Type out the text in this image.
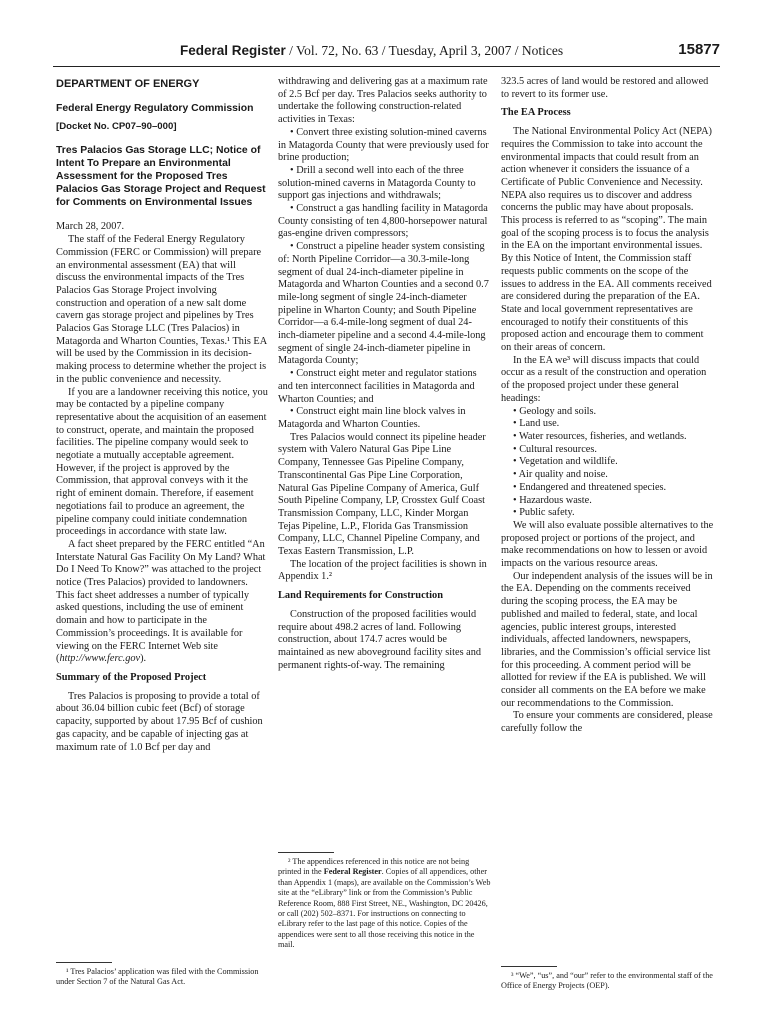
Federal Register / Vol. 72, No. 63 / Tuesday, April 3, 2007 / Notices	15877
DEPARTMENT OF ENERGY
Federal Energy Regulatory Commission
[Docket No. CP07–90–000]
Tres Palacios Gas Storage LLC; Notice of Intent To Prepare an Environmental Assessment for the Proposed Tres Palacios Gas Storage Project and Request for Comments on Environmental Issues

March 28, 2007.

The staff of the Federal Energy Regulatory Commission (FERC or Commission) will prepare an environmental assessment (EA) that will discuss the environmental impacts of the Tres Palacios Gas Storage Project involving construction and operation of a new salt dome cavern gas storage project and pipelines by Tres Palacios Gas Storage LLC (Tres Palacios) in Matagorda and Wharton Counties, Texas.¹ This EA will be used by the Commission in its decision-making process to determine whether the project is in the public convenience and necessity.

If you are a landowner receiving this notice, you may be contacted by a pipeline company representative about the acquisition of an easement to construct, operate, and maintain the proposed facilities. The pipeline company would seek to negotiate a mutually acceptable agreement. However, if the project is approved by the Commission, that approval conveys with it the right of eminent domain. Therefore, if easement negotiations fail to produce an agreement, the pipeline company could initiate condemnation proceedings in accordance with state law.

A fact sheet prepared by the FERC entitled “An Interstate Natural Gas Facility On My Land? What Do I Need To Know?” was attached to the project notice (Tres Palacios) provided to landowners. This fact sheet addresses a number of typically asked questions, including the use of eminent domain and how to participate in the Commission’s proceedings. It is available for viewing on the FERC Internet Web site (http://www.ferc.gov).

Summary of the Proposed Project

Tres Palacios is proposing to provide a total of about 36.04 billion cubic feet (Bcf) of storage capacity, supported by about 17.95 Bcf of cushion gas capacity, and be capable of injecting gas at maximum rate of 1.0 Bcf per day and

¹ Tres Palacios’ application was filed with the Commission under Section 7 of the Natural Gas Act.

withdrawing and delivering gas at a maximum rate of 2.5 Bcf per day. Tres Palacios seeks authority to undertake the following construction-related activities in Texas:

• Convert three existing solution-mined caverns in Matagorda County that were previously used for brine production;

• Drill a second well into each of the three solution-mined caverns in Matagorda County to support gas injections and withdrawals;

• Construct a gas handling facility in Matagorda County consisting of ten 4,800-horsepower natural gas-engine driven compressors;

• Construct a pipeline header system consisting of: North Pipeline Corridor—a 30.3-mile-long segment of dual 24-inch-diameter pipeline in Matagorda and Wharton Counties and a second 0.7 mile-long segment of single 24-inch-diameter pipeline in Wharton County; and South Pipeline Corridor—a 6.4-mile-long segment of dual 24-inch-diameter pipeline and a second 4.4-mile-long segment of single 24-inch-diameter pipeline in Matagorda County;

• Construct eight meter and regulator stations and ten interconnect facilities in Matagorda and Wharton Counties; and

• Construct eight main line block valves in Matagorda and Wharton Counties.

Tres Palacios would connect its pipeline header system with Valero Natural Gas Pipe Line Company, Tennessee Gas Pipeline Company, Transcontinental Gas Pipe Line Corporation, Natural Gas Pipeline Company of America, Gulf South Pipeline Company, LP, Crosstex Gulf Coast Transmission Company, LLC, Kinder Morgan Tejas Pipeline, L.P., Florida Gas Transmission Company, LLC, Channel Pipeline Company, and Texas Eastern Transmission, L.P.

The location of the project facilities is shown in Appendix 1.²

Land Requirements for Construction

Construction of the proposed facilities would require about 498.2 acres of land. Following construction, about 174.7 acres would be maintained as new aboveground facility sites and permanent rights-of-way. The remaining

² The appendices referenced in this notice are not being printed in the Federal Register. Copies of all appendices, other than Appendix 1 (maps), are available on the Commission’s Web site at the “eLibrary” link or from the Commission’s Public Reference Room, 888 First Street, NE., Washington, DC 20426, or call (202) 502–8371. For instructions on connecting to eLibrary refer to the last page of this notice. Copies of the appendices were sent to all those receiving this notice in the mail.

323.5 acres of land would be restored and allowed to revert to its former use.

The EA Process

The National Environmental Policy Act (NEPA) requires the Commission to take into account the environmental impacts that could result from an action whenever it considers the issuance of a Certificate of Public Convenience and Necessity. NEPA also requires us to discover and address concerns the public may have about proposals. This process is referred to as “scoping”. The main goal of the scoping process is to focus the analysis in the EA on the important environmental issues. By this Notice of Intent, the Commission staff requests public comments on the scope of the issues to address in the EA. All comments received are considered during the preparation of the EA. State and local government representatives are encouraged to notify their constituents of this proposed action and encourage them to comment on their areas of concern.

In the EA we³ will discuss impacts that could occur as a result of the construction and operation of the proposed project under these general headings:

• Geology and soils.

• Land use.

• Water resources, fisheries, and wetlands.

• Cultural resources.

• Vegetation and wildlife.

• Air quality and noise.

• Endangered and threatened species.

• Hazardous waste.

• Public safety.

We will also evaluate possible alternatives to the proposed project or portions of the project, and make recommendations on how to lessen or avoid impacts on the various resource areas.

Our independent analysis of the issues will be in the EA. Depending on the comments received during the scoping process, the EA may be published and mailed to federal, state, and local agencies, public interest groups, interested individuals, affected landowners, newspapers, libraries, and the Commission’s official service list for this proceeding. A comment period will be allotted for review if the EA is published. We will consider all comments on the EA before we make our recommendations to the Commission.

To ensure your comments are considered, please carefully follow the

³ “We”, “us”, and “our” refer to the environmental staff of the Office of Energy Projects (OEP).
